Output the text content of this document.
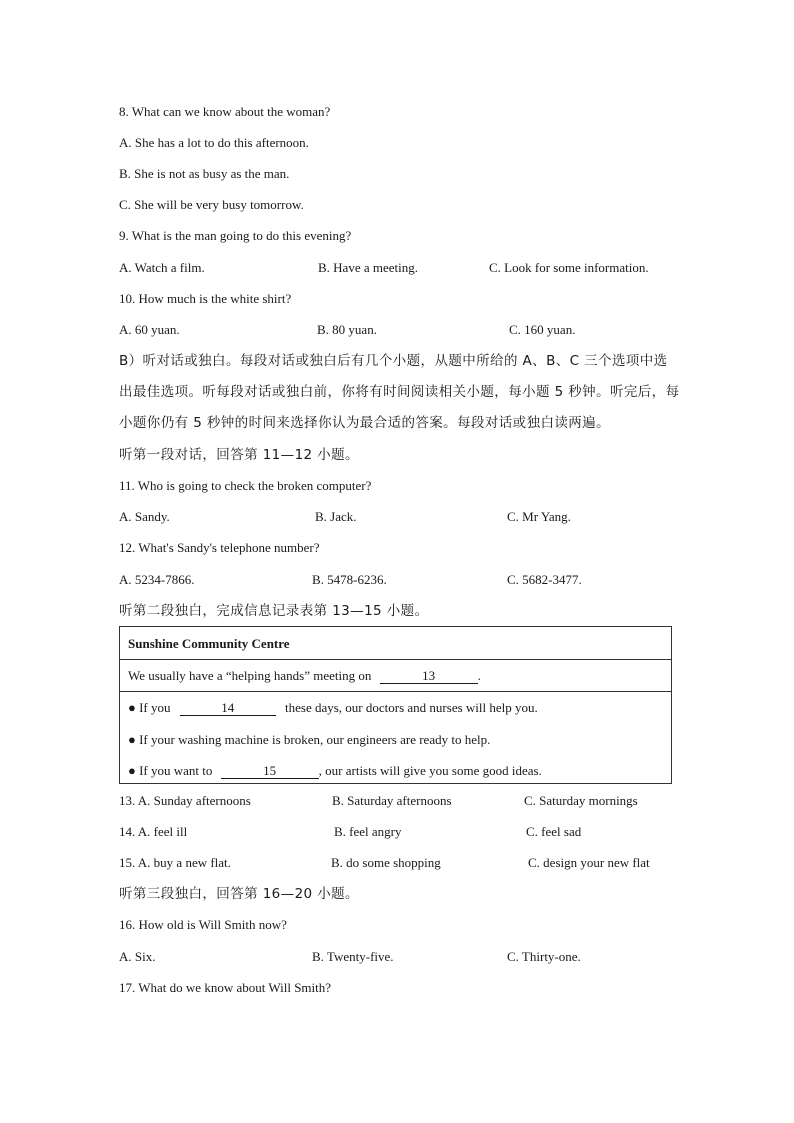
8. What can we know about the woman?
A. She has a lot to do this afternoon.
B. She is not as busy as the man.
C. She will be very busy tomorrow.
9. What is the man going to do this evening?
A. Watch a film.	B. Have a meeting.	C. Look for some information.
10. How much is the white shirt?
A. 60 yuan.	B. 80 yuan.	C. 160 yuan.
B）听对话或独白。每段对话或独白后有几个小题，从题中所给的 A、B、C 三个选项中选
出最佳选项。听每段对话或独白前，你将有时间阅读相关小题，每小题 5 秒钟。听完后，每
小题你仍有 5 秒钟的时间来选择你认为最合适的答案。每段对话或独白读两遍。
听第一段对话，回答第 11—12 小题。
11. Who is going to check the broken computer?
A. Sandy.	B. Jack.	C. Mr Yang.
12. What's Sandy's telephone number?
A. 5234-7866.	B. 5478-6236.	C. 5682-3477.
听第二段独白，完成信息记录表第 13—15 小题。
Sunshine Community Centre
We usually have a “helping hands” meeting on	13	.
● If you	14	these days, our doctors and nurses will help you.
● If your washing machine is broken, our engineers are ready to help.
● If you want to	15	, our artists will give you some good ideas.
13. A. Sunday afternoons	B. Saturday afternoons	C. Saturday mornings
14. A. feel ill	B. feel angry	C. feel sad
15. A. buy a new flat.	B. do some shopping	C. design your new flat
听第三段独白，回答第 16—20 小题。
16. How old is Will Smith now?
A. Six.	B. Twenty-five.	C. Thirty-one.
17. What do we know about Will Smith?
